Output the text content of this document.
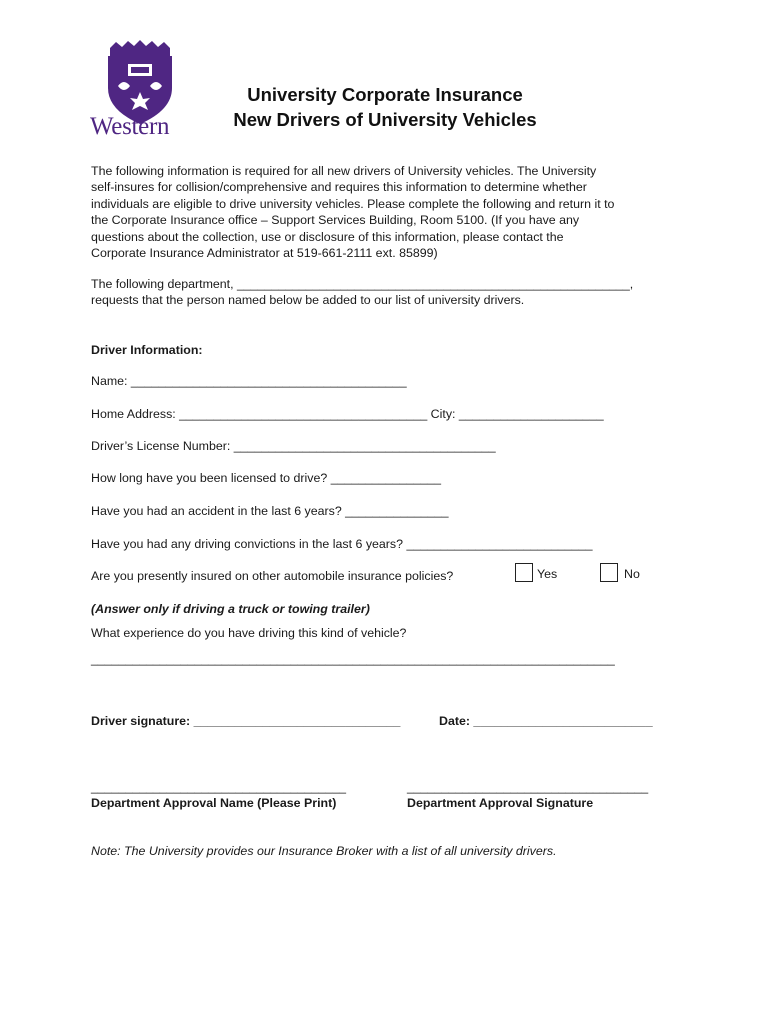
Western
University Corporate Insurance
New Drivers of University Vehicles
The following information is required for all new drivers of University vehicles. The University
self-insures for collision/comprehensive and requires this information to determine whether
individuals are eligible to drive university vehicles. Please complete the following and return it to
the Corporate Insurance office – Support Services Building, Room 5100. (If you have any
questions about the collection, use or disclosure of this information, please contact the
Corporate Insurance Administrator at 519-661-2111 ext. 85899)
The following department, _________________________________________________________,
requests that the person named below be added to our list of university drivers.
Driver Information:
Name: ________________________________________
Home Address: ____________________________________ City: _____________________
Driver’s License Number: ______________________________________
How long have you been licensed to drive? ________________
Have you had an accident in the last 6 years? _______________
Have you had any driving convictions in the last 6 years? ___________________________
Are you presently insured on other automobile insurance policies?	Yes	No
(Answer only if driving a truck or towing trailer)
What experience do you have driving this kind of vehicle?
____________________________________________________________________________
Driver signature: ______________________________	Date: __________________________
_____________________________________
Department Approval Name (Please Print)
___________________________________
Department Approval Signature
Note: The University provides our Insurance Broker with a list of all university drivers.
